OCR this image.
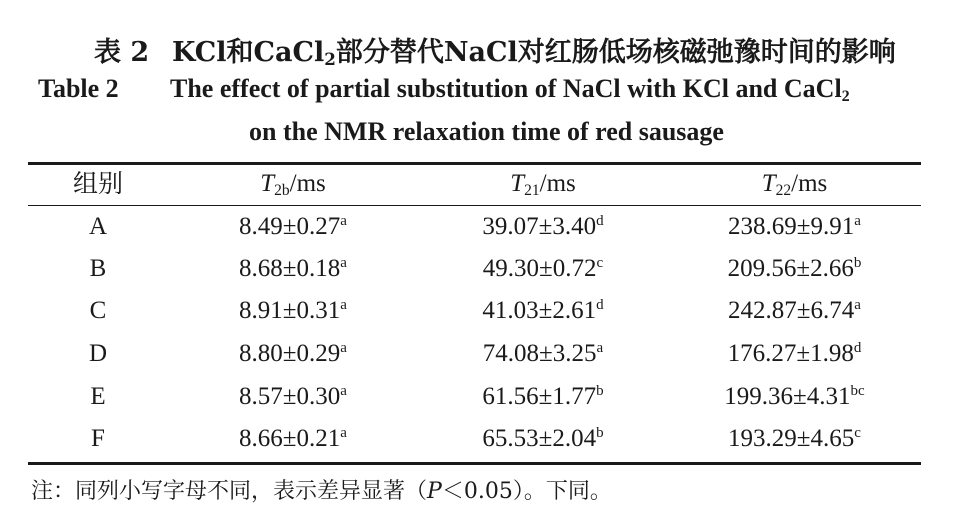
表 2 KCl和CaCl$_2$部分替代NaCl对红肠低场核磁弛豫时间的影响
Table 2 The effect of partial substitution of NaCl with KCl and CaCl$_2$
on the NMR relaxation time of red sausage
组别	$T_{2b}/ms$	$T_{21}/ms$	$T_{22}/ms$
A	8.49±0.27$^a$	39.07±3.40$^d$	238.69±9.91$^a$
B	8.68±0.18$^a$	49.30±0.72$^c$	209.56±2.66$^b$
C	8.91±0.31$^a$	41.03±2.61$^d$	242.87±6.74$^a$
D	8.80±0.29$^a$	74.08±3.25$^a$	176.27±1.98$^d$
E	8.57±0.30$^a$	61.56±1.77$^b$	199.36±4.31$^{bc}$
F	8.66±0.21$^a$	65.53±2.04$^b$	193.29±4.65$^c$
注：同列小写字母不同，表示差异显著（P＜0.05）。下同。
